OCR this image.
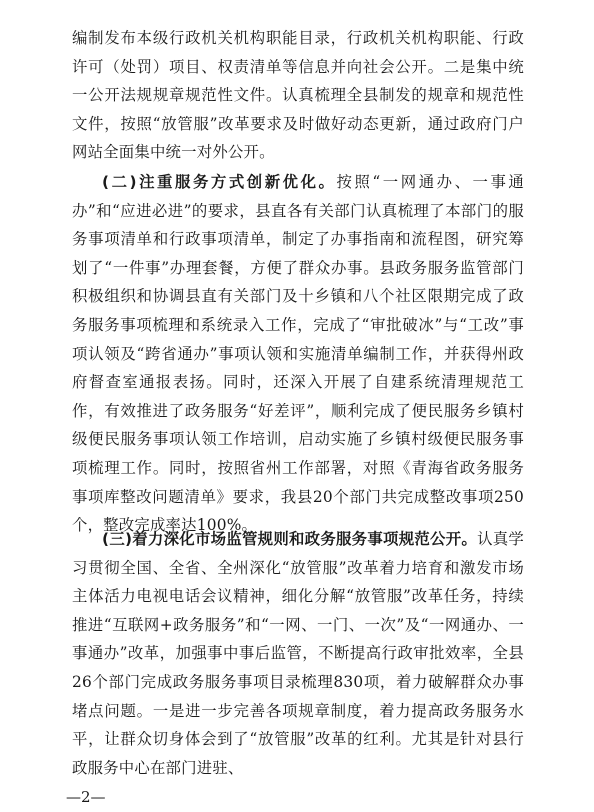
编制发布本级行政机关机构职能目录，行政机关机构职能、行政许可（处罚）项目、权责清单等信息并向社会公开。二是集中统一公开法规规章规范性文件。认真梳理全县制发的规章和规范性文件，按照“放管服”改革要求及时做好动态更新，通过政府门户网站全面集中统一对外公开。

(二)注重服务方式创新优化。按照“一网通办、一事通办”和“应进必进”的要求，县直各有关部门认真梳理了本部门的服务事项清单和行政事项清单，制定了办事指南和流程图，研究筹划了“一件事”办理套餐，方便了群众办事。县政务服务监管部门积极组织和协调县直有关部门及十乡镇和八个社区限期完成了政务服务事项梳理和系统录入工作，完成了“审批破冰”与“工改”事项认领及“跨省通办”事项认领和实施清单编制工作，并获得州政府督查室通报表扬。同时，还深入开展了自建系统清理规范工作，有效推进了政务服务“好差评”，顺利完成了便民服务乡镇村级便民服务事项认领工作培训，启动实施了乡镇村级便民服务事项梳理工作。同时，按照省州工作部署，对照《青海省政务服务事项库整改问题清单》要求，我县20个部门共完成整改事项250个，整改完成率达100%。

(三)着力深化市场监管规则和政务服务事项规范公开。认真学习贯彻全国、全省、全州深化“放管服”改革着力培育和激发市场主体活力电视电话会议精神，细化分解“放管服”改革任务，持续推进“互联网+政务服务”和“一网、一门、一次”及“一网通办、一事通办”改革，加强事中事后监管，不断提高行政审批效率，全县26个部门完成政务服务事项目录梳理830项，着力破解群众办事堵点问题。一是进一步完善各项规章制度，着力提高政务服务水平，让群众切身体会到了“放管服”改革的红利。尤其是针对县行政服务中心在部门进驻、

—2—
